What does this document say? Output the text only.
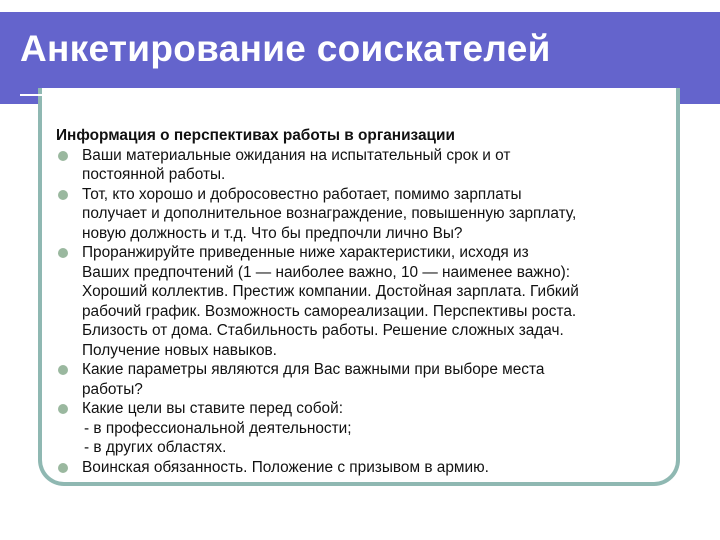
Анкетирование соискателей

Информация о перспективах работы в организации

Ваши материальные ожидания на испытательный срок и от
постоянной работы.
Тот, кто хорошо и добросовестно работает, помимо зарплаты
получает и дополнительное вознаграждение, повышенную зарплату,
новую должность и т.д. Что бы предпочли лично Вы?
Проранжируйте приведенные ниже характеристики, исходя из
Ваших предпочтений (1 — наиболее важно, 10 — наименее важно):
Хороший коллектив. Престиж компании. Достойная зарплата. Гибкий
рабочий график. Возможность самореализации. Перспективы роста.
Близость от дома. Стабильность работы. Решение сложных задач.
Получение новых навыков.
Какие параметры являются для Вас важными при выборе места
работы?
Какие цели вы ставите перед собой:
- в профессиональной деятельности;
- в других областях.
Воинская обязанность. Положение с призывом в армию.
